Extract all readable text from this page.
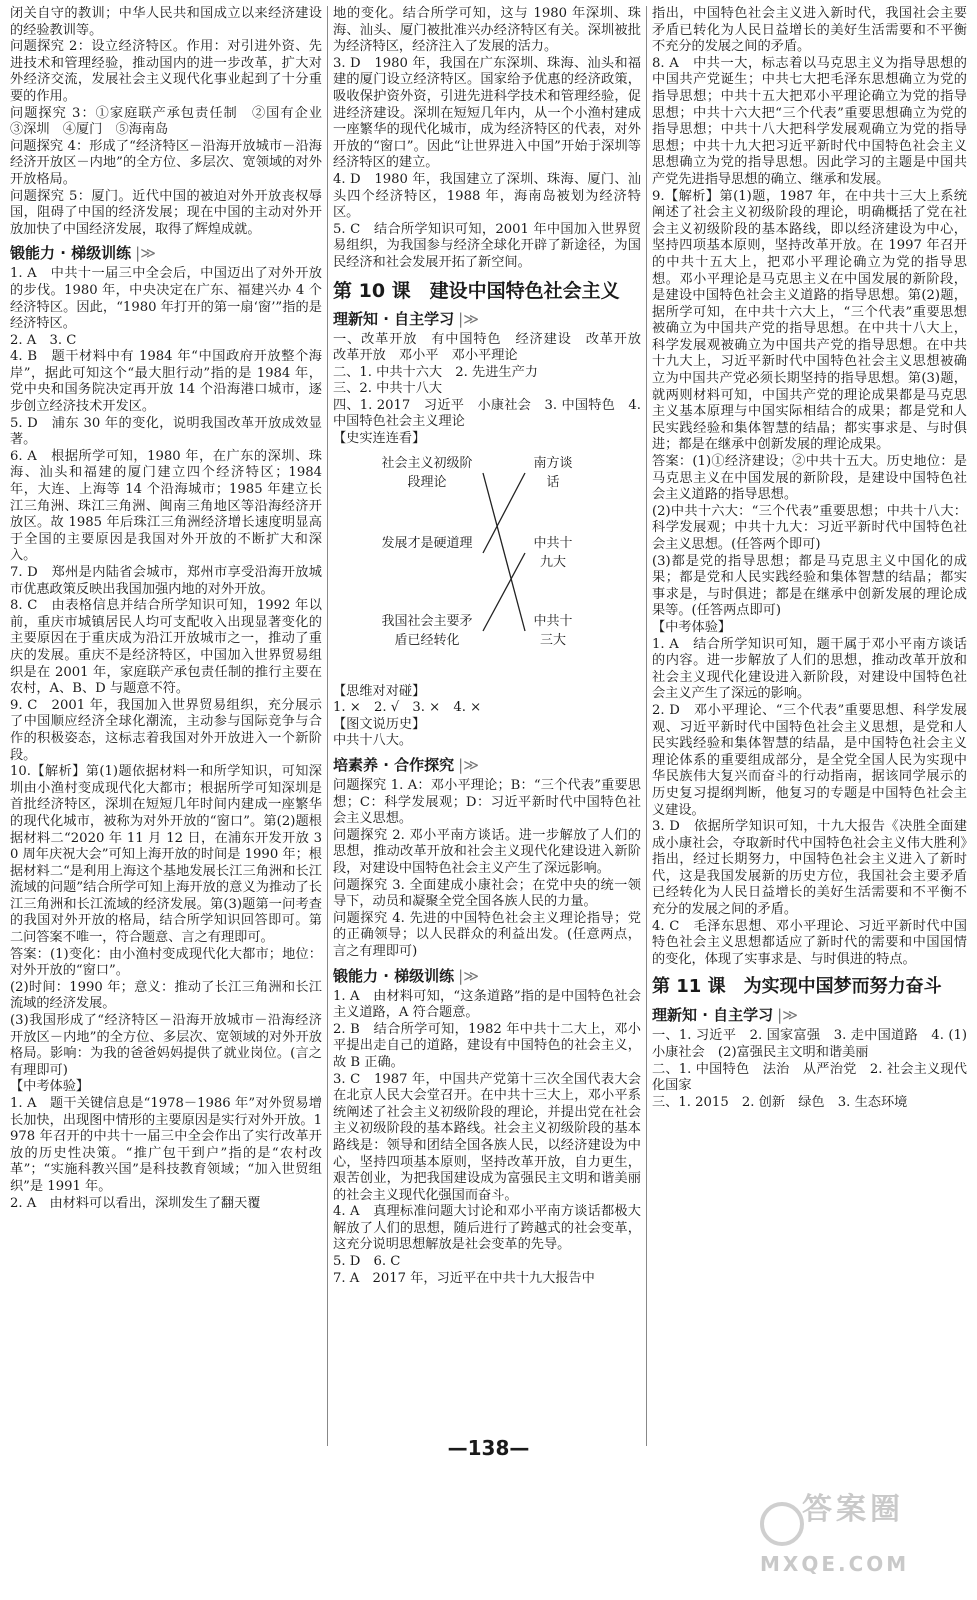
闭关自守的教训；中华人民共和国成立以来经济建设的经验教训等。
问题探究 2：设立经济特区。作用：对引进外资、先进技术和管理经验，推动国内的进一步改革，扩大对外经济交流，发展社会主义现代化事业起到了十分重要的作用。
问题探究 3：①家庭联产承包责任制　②国有企业　③深圳　④厦门　⑤海南岛
问题探究 4：形成了“经济特区－沿海开放城市－沿海经济开放区－内地”的全方位、多层次、宽领域的对外开放格局。
问题探究 5：厦门。近代中国的被迫对外开放丧权辱国，阻碍了中国的经济发展；现在中国的主动对外开放加快了中国经济发展，取得了辉煌成就。
锻能力 · 梯级训练 |≫
1. A　中共十一届三中全会后，中国迈出了对外开放的步伐。1980 年，中央决定在广东、福建兴办 4 个经济特区。因此，“1980 年打开的第一扇‘窗’”指的是经济特区。
2. A　3. C
4. B　题干材料中有 1984 年“中国政府开放整个海岸”，据此可知这个“最大胆行动”指的是 1984 年，党中央和国务院决定再开放 14 个沿海港口城市，逐步创立经济技术开发区。
5. D　浦东 30 年的变化，说明我国改革开放成效显著。
6. A　根据所学可知，1980 年，在广东的深圳、珠海、汕头和福建的厦门建立四个经济特区；1984 年，大连、上海等 14 个沿海城市；1985 年建立长江三角洲、珠江三角洲、闽南三角地区等沿海经济开放区。故 1985 年后珠江三角洲经济增长速度明显高于全国的主要原因是我国对外开放的不断扩大和深入。
7. D　郑州是内陆省会城市，郑州市享受沿海开放城市优惠政策反映出我国加强内地的对外开放。
8. C　由表格信息并结合所学知识可知，1992 年以前，重庆市城镇居民人均可支配收入出现显著变化的主要原因在于重庆成为沿江开放城市之一，推动了重庆的发展。重庆不是经济特区，中国加入世界贸易组织是在 2001 年，家庭联产承包责任制的推行主要在农村，A、B、D 与题意不符。
9. C　2001 年，我国加入世界贸易组织，充分展示了中国顺应经济全球化潮流，主动参与国际竞争与合作的积极姿态，这标志着我国对外开放进入一个新阶段。
10.【解析】第(1)题依据材料一和所学知识，可知深圳由小渔村变成现代化大都市；根据所学可知深圳是首批经济特区，深圳在短短几年时间内建成一座繁华的现代化城市，被称为对外开放的“窗口”。第(2)题根据材料二“2020 年 11 月 12 日，在浦东开发开放 30 周年庆祝大会”可知上海开放的时间是 1990 年；根据材料二“是利用上海这个基地发展长江三角洲和长江流域的问题”结合所学可知上海开放的意义为推动了长江三角洲和长江流域的经济发展。第(3)题第一问考查的我国对外开放的格局，结合所学知识回答即可。第二问答案不唯一，符合题意、言之有理即可。
答案：(1)变化：由小渔村变成现代化大都市；地位：对外开放的“窗口”。
(2)时间：1990 年；意义：推动了长江三角洲和长江流域的经济发展。
(3)我国形成了“经济特区－沿海开放城市－沿海经济开放区－内地”的全方位、多层次、宽领域的对外开放格局。影响：为我的爸爸妈妈提供了就业岗位。(言之有理即可)
【中考体验】
1. A　题干关键信息是“1978－1986 年”对外贸易增长加快，出现图中情形的主要原因是实行对外开放。1978 年召开的中共十一届三中全会作出了实行改革开放的历史性决策。“推广包干到户”指的是“农村改革”；“实施科教兴国”是科技教育领域；“加入世贸组织”是 1991 年。
2. A　由材料可以看出，深圳发生了翻天覆
地的变化。结合所学可知，这与 1980 年深圳、珠海、汕头、厦门被批准兴办经济特区有关。深圳被批为经济特区，经济注入了发展的活力。
3. D　1980 年，我国在广东深圳、珠海、汕头和福建的厦门设立经济特区。国家给予优惠的经济政策，吸收保护资外资，引进先进科学技术和管理经验，促进经济建设。深圳在短短几年内，从一个小渔村建成一座繁华的现代化城市，成为经济特区的代表，对外开放的“窗口”。因此“让世界进入中国”开始于深圳等经济特区的建立。
4. D　1980 年，我国建立了深圳、珠海、厦门、汕头四个经济特区，1988 年，海南岛被划为经济特区。
5. C　结合所学知识可知，2001 年中国加入世界贸易组织，为我国参与经济全球化开辟了新途径，为国民经济和社会发展开拓了新空间。
第 10 课　建设中国特色社会主义
理新知 · 自主学习 |≫
一、改革开放　有中国特色　经济建设　改革开放　改革开放　邓小平　邓小平理论
二、1. 中共十六大　2. 先进生产力
三、2. 中共十八大
四、1. 2017　习近平　小康社会　3. 中国特色　4. 中国特色社会主义理论
【史实连连看】
社会主义初级阶段理论
发展才是硬道理
我国社会主要矛盾已经转化
南方谈话
中共十九大
中共十三大
【思维对对碰】
1. ×　2. √　3. ×　4. ×
【图文说历史】
中共十八大。
培素养 · 合作探究 |≫
问题探究 1. A：邓小平理论；B：“三个代表”重要思想；C：科学发展观；D：习近平新时代中国特色社会主义思想。
问题探究 2. 邓小平南方谈话。进一步解放了人们的思想，推动改革开放和社会主义现代化建设进入新阶段，对建设中国特色社会主义产生了深远影响。
问题探究 3. 全面建成小康社会；在党中央的统一领导下，动员和凝聚全党全国各族人民的力量。
问题探究 4. 先进的中国特色社会主义理论指导；党的正确领导；以人民群众的利益出发。(任意两点，言之有理即可)
锻能力 · 梯级训练 |≫
1. A　由材料可知，“这条道路”指的是中国特色社会主义道路，A 符合题意。
2. B　结合所学可知，1982 年中共十二大上，邓小平提出走自己的道路，建设有中国特色的社会主义，故 B 正确。
3. C　1987 年，中国共产党第十三次全国代表大会在北京人民大会堂召开。在中共十三大上，邓小平系统阐述了社会主义初级阶段的理论，并提出党在社会主义初级阶段的基本路线。社会主义初级阶段的基本路线是：领导和团结全国各族人民，以经济建设为中心，坚持四项基本原则，坚持改革开放，自力更生，艰苦创业，为把我国建设成为富强民主文明和谐美丽的社会主义现代化强国而奋斗。
4. A　真理标准问题大讨论和邓小平南方谈话都极大解放了人们的思想，随后进行了跨越式的社会变革，这充分说明思想解放是社会变革的先导。
5. D　6. C
7. A　2017 年，习近平在中共十九大报告中
指出，中国特色社会主义进入新时代，我国社会主要矛盾已转化为人民日益增长的美好生活需要和不平衡不充分的发展之间的矛盾。
8. A　中共一大，标志着以马克思主义为指导思想的中国共产党诞生；中共七大把毛泽东思想确立为党的指导思想；中共十五大把邓小平理论确立为党的指导思想；中共十六大把“三个代表”重要思想确立为党的指导思想；中共十八大把科学发展观确立为党的指导思想；中共十九大把习近平新时代中国特色社会主义思想确立为党的指导思想。因此学习的主题是中国共产党先进指导思想的确立、继承和发展。
9.【解析】第(1)题，1987 年，在中共十三大上系统阐述了社会主义初级阶段的理论，明确概括了党在社会主义初级阶段的基本路线，即以经济建设为中心，坚持四项基本原则，坚持改革开放。在 1997 年召开的中共十五大上，把邓小平理论确立为党的指导思想。邓小平理论是马克思主义在中国发展的新阶段，是建设中国特色社会主义道路的指导思想。第(2)题，据所学可知，在中共十六大上，“三个代表”重要思想被确立为中国共产党的指导思想。在中共十八大上，科学发展观被确立为中国共产党的指导思想。在中共十九大上，习近平新时代中国特色社会主义思想被确立为中国共产党必须长期坚持的指导思想。第(3)题，就两则材料可知，中国共产党的理论成果都是马克思主义基本原理与中国实际相结合的成果；都是党和人民实践经验和集体智慧的结晶；都实事求是、与时俱进；都是在继承中创新发展的理论成果。
答案：(1)①经济建设；②中共十五大。历史地位：是马克思主义在中国发展的新阶段，是建设中国特色社会主义道路的指导思想。
(2)中共十六大：“三个代表”重要思想；中共十八大：科学发展观；中共十九大：习近平新时代中国特色社会主义思想。(任答两个即可)
(3)都是党的指导思想；都是马克思主义中国化的成果；都是党和人民实践经验和集体智慧的结晶；都实事求是，与时俱进；都是在继承中创新发展的理论成果等。(任答两点即可)
【中考体验】
1. A　结合所学知识可知，题干属于邓小平南方谈话的内容。进一步解放了人们的思想，推动改革开放和社会主义现代化建设进入新阶段，对建设中国特色社会主义产生了深远的影响。
2. D　邓小平理论、“三个代表”重要思想、科学发展观、习近平新时代中国特色社会主义思想，是党和人民实践经验和集体智慧的结晶，是中国特色社会主义理论体系的重要组成部分，是全党全国人民为实现中华民族伟大复兴而奋斗的行动指南，据该同学展示的历史复习提纲判断，他复习的专题是中国特色社会主义建设。
3. D　依据所学知识可知，十九大报告《决胜全面建成小康社会，夺取新时代中国特色社会主义伟大胜利》指出，经过长期努力，中国特色社会主义进入了新时代，这是我国发展新的历史方位，我国社会主要矛盾已经转化为人民日益增长的美好生活需要和不平衡不充分的发展之间的矛盾。
4. C　毛泽东思想、邓小平理论、习近平新时代中国特色社会主义思想都适应了新时代的需要和中国国情的变化，体现了实事求是、与时俱进的特点。
第 11 课　为实现中国梦而努力奋斗
理新知 · 自主学习 |≫
一、1. 习近平　2. 国家富强　3. 走中国道路　4. (1)小康社会　(2)富强民主文明和谐美丽
二、1. 中国特色　法治　从严治党　2. 社会主义现代化国家
三、1. 2015　2. 创新　绿色　3. 生态环境
—138—
答案圈
MXQE.COM
